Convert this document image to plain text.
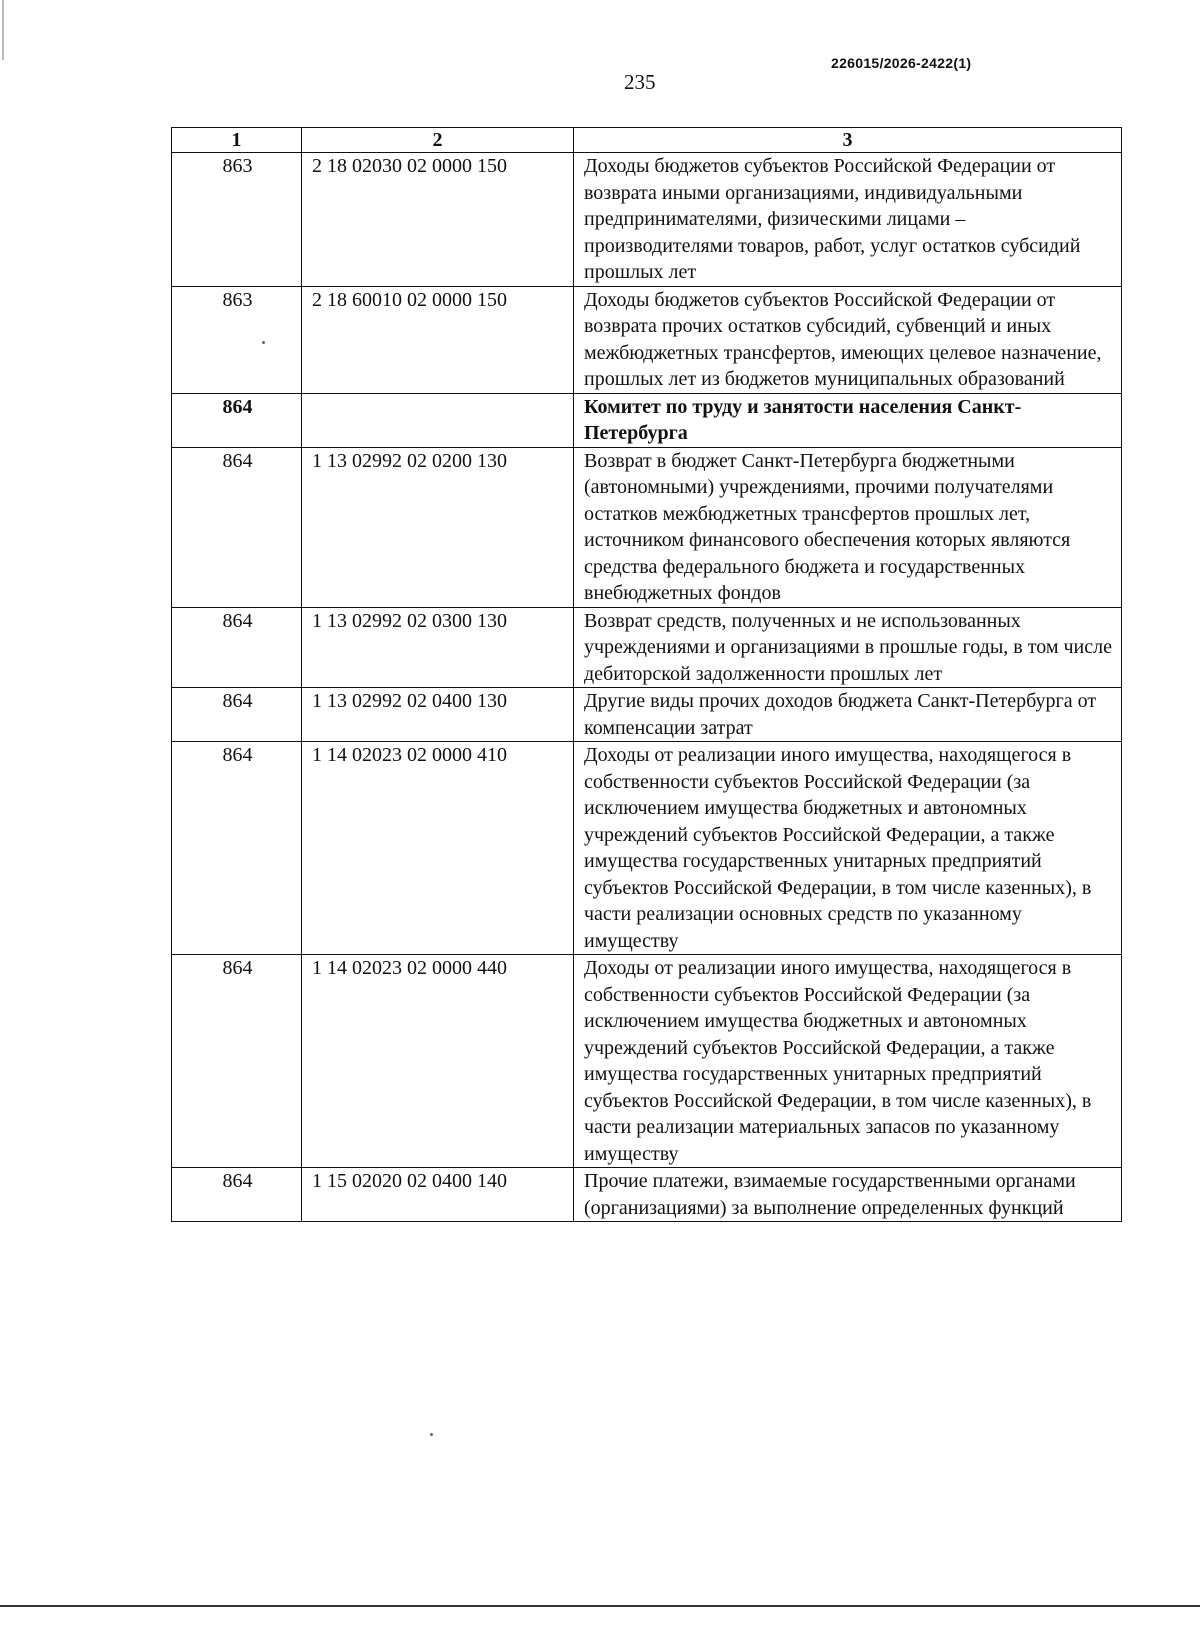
226015/2026-2422(1)
235
1	2	3
863	2 18 02030 02 0000 150	Доходы бюджетов субъектов Российской Федерации от возврата иными организациями, индивидуальными предпринимателями, физическими лицами – производителями товаров, работ, услуг остатков субсидий прошлых лет
863	2 18 60010 02 0000 150	Доходы бюджетов субъектов Российской Федерации от возврата прочих остатков субсидий, субвенций и иных межбюджетных трансфертов, имеющих целевое назначение, прошлых лет из бюджетов муниципальных образований
864		Комитет по труду и занятости населения Санкт-Петербурга
864	1 13 02992 02 0200 130	Возврат в бюджет Санкт-Петербурга бюджетными (автономными) учреждениями, прочими получателями остатков межбюджетных трансфертов прошлых лет, источником финансового обеспечения которых являются средства федерального бюджета и государственных внебюджетных фондов
864	1 13 02992 02 0300 130	Возврат средств, полученных и не использованных учреждениями и организациями в прошлые годы, в том числе дебиторской задолженности прошлых лет
864	1 13 02992 02 0400 130	Другие виды прочих доходов бюджета Санкт-Петербурга от компенсации затрат
864	1 14 02023 02 0000 410	Доходы от реализации иного имущества, находящегося в собственности субъектов Российской Федерации (за исключением имущества бюджетных и автономных учреждений субъектов Российской Федерации, а также имущества государственных унитарных предприятий субъектов Российской Федерации, в том числе казенных), в части реализации основных средств по указанному имуществу
864	1 14 02023 02 0000 440	Доходы от реализации иного имущества, находящегося в собственности субъектов Российской Федерации (за исключением имущества бюджетных и автономных учреждений субъектов Российской Федерации, а также имущества государственных унитарных предприятий субъектов Российской Федерации, в том числе казенных), в части реализации материальных запасов по указанному имуществу
864	1 15 02020 02 0400 140	Прочие платежи, взимаемые государственными органами (организациями) за выполнение определенных функций
